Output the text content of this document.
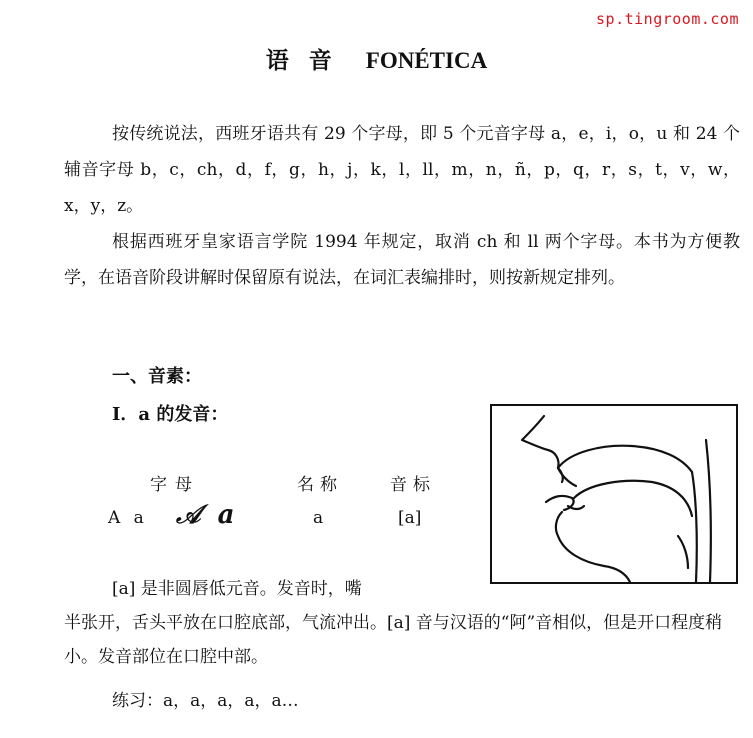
sp.tingroom.com
语音 FONÉTICA
按传统说法，西班牙语共有 29 个字母，即 5 个元音字母 a，e，i，o，u 和 24 个辅音字母 b，c，ch，d，f，g，h，j，k，l，ll，m，n，ñ，p，q，r，s，t，v，w，x，y，z。
根据西班牙皇家语言学院 1994 年规定，取消 ch 和 ll 两个字母。本书为方便教学，在语音阶段讲解时保留原有说法，在词汇表编排时，则按新规定排列。
一、音素：
I．a 的发音：
字母	名称	音标
A a 𝒜 a	a	[a]
[a] 是非圆唇低元音。发音时，嘴
半张开，舌头平放在口腔底部，气流冲出。[a] 音与汉语的“阿”音相似，但是开口程度稍小。发音部位在口腔中部。
练习：a，a，a，a，a…
